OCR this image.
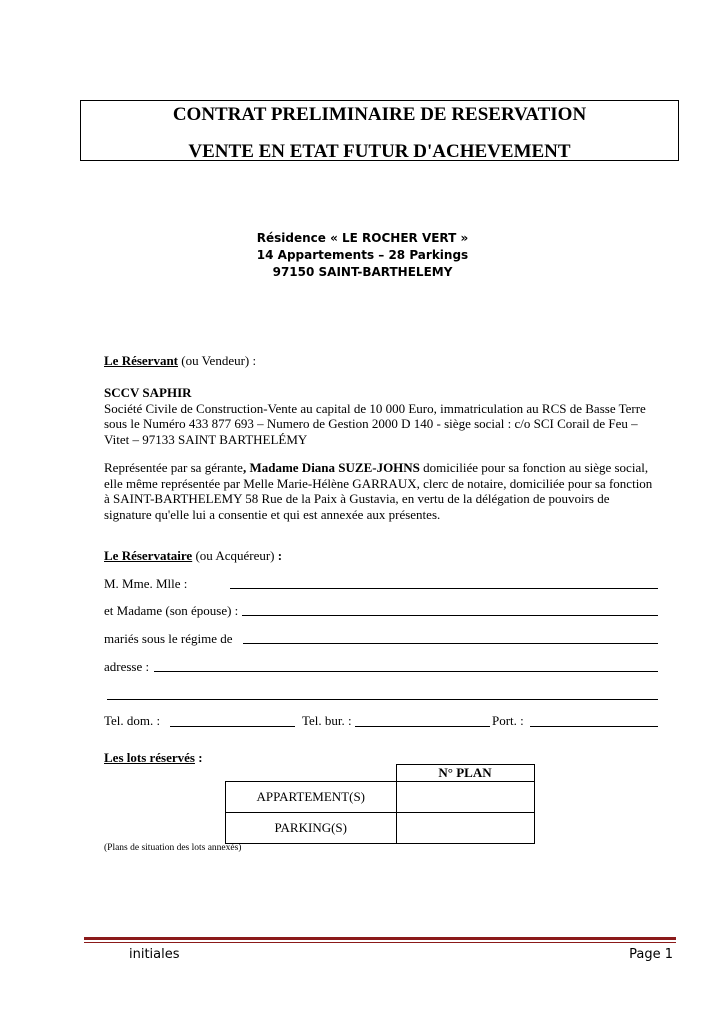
CONTRAT PRELIMINAIRE DE RESERVATION
VENTE EN ETAT FUTUR D'ACHEVEMENT
Résidence « LE ROCHER VERT »
14 Appartements – 28 Parkings
97150 SAINT-BARTHELEMY
Le Réservant (ou Vendeur) :
SCCV SAPHIR
Société Civile de Construction-Vente au capital de 10 000 Euro, immatriculation au RCS de Basse Terre
sous le Numéro 433 877 693 – Numero de Gestion 2000 D 140 - siège social : c/o SCI Corail de Feu –
Vitet – 97133 SAINT BARTHELÉMY
Représentée par sa gérante, Madame Diana SUZE-JOHNS domiciliée pour sa fonction au siège social,
elle même représentée par Melle Marie-Hélène GARRAUX, clerc de notaire, domiciliée pour sa fonction
à SAINT-BARTHELEMY 58 Rue de la Paix à Gustavia, en vertu de la délégation de pouvoirs de
signature qu'elle lui a consentie et qui est annexée aux présentes.
Le Réservataire (ou Acquéreur) :
M. Mme. Mlle :
et Madame (son épouse) :
mariés sous le régime de
adresse :
Tel. dom. :	Tel. bur. :	Port. :
Les lots réservés :
	N° PLAN
APPARTEMENT(S)	
PARKING(S)	
(Plans de situation des lots annexés)
initiales	Page 1
